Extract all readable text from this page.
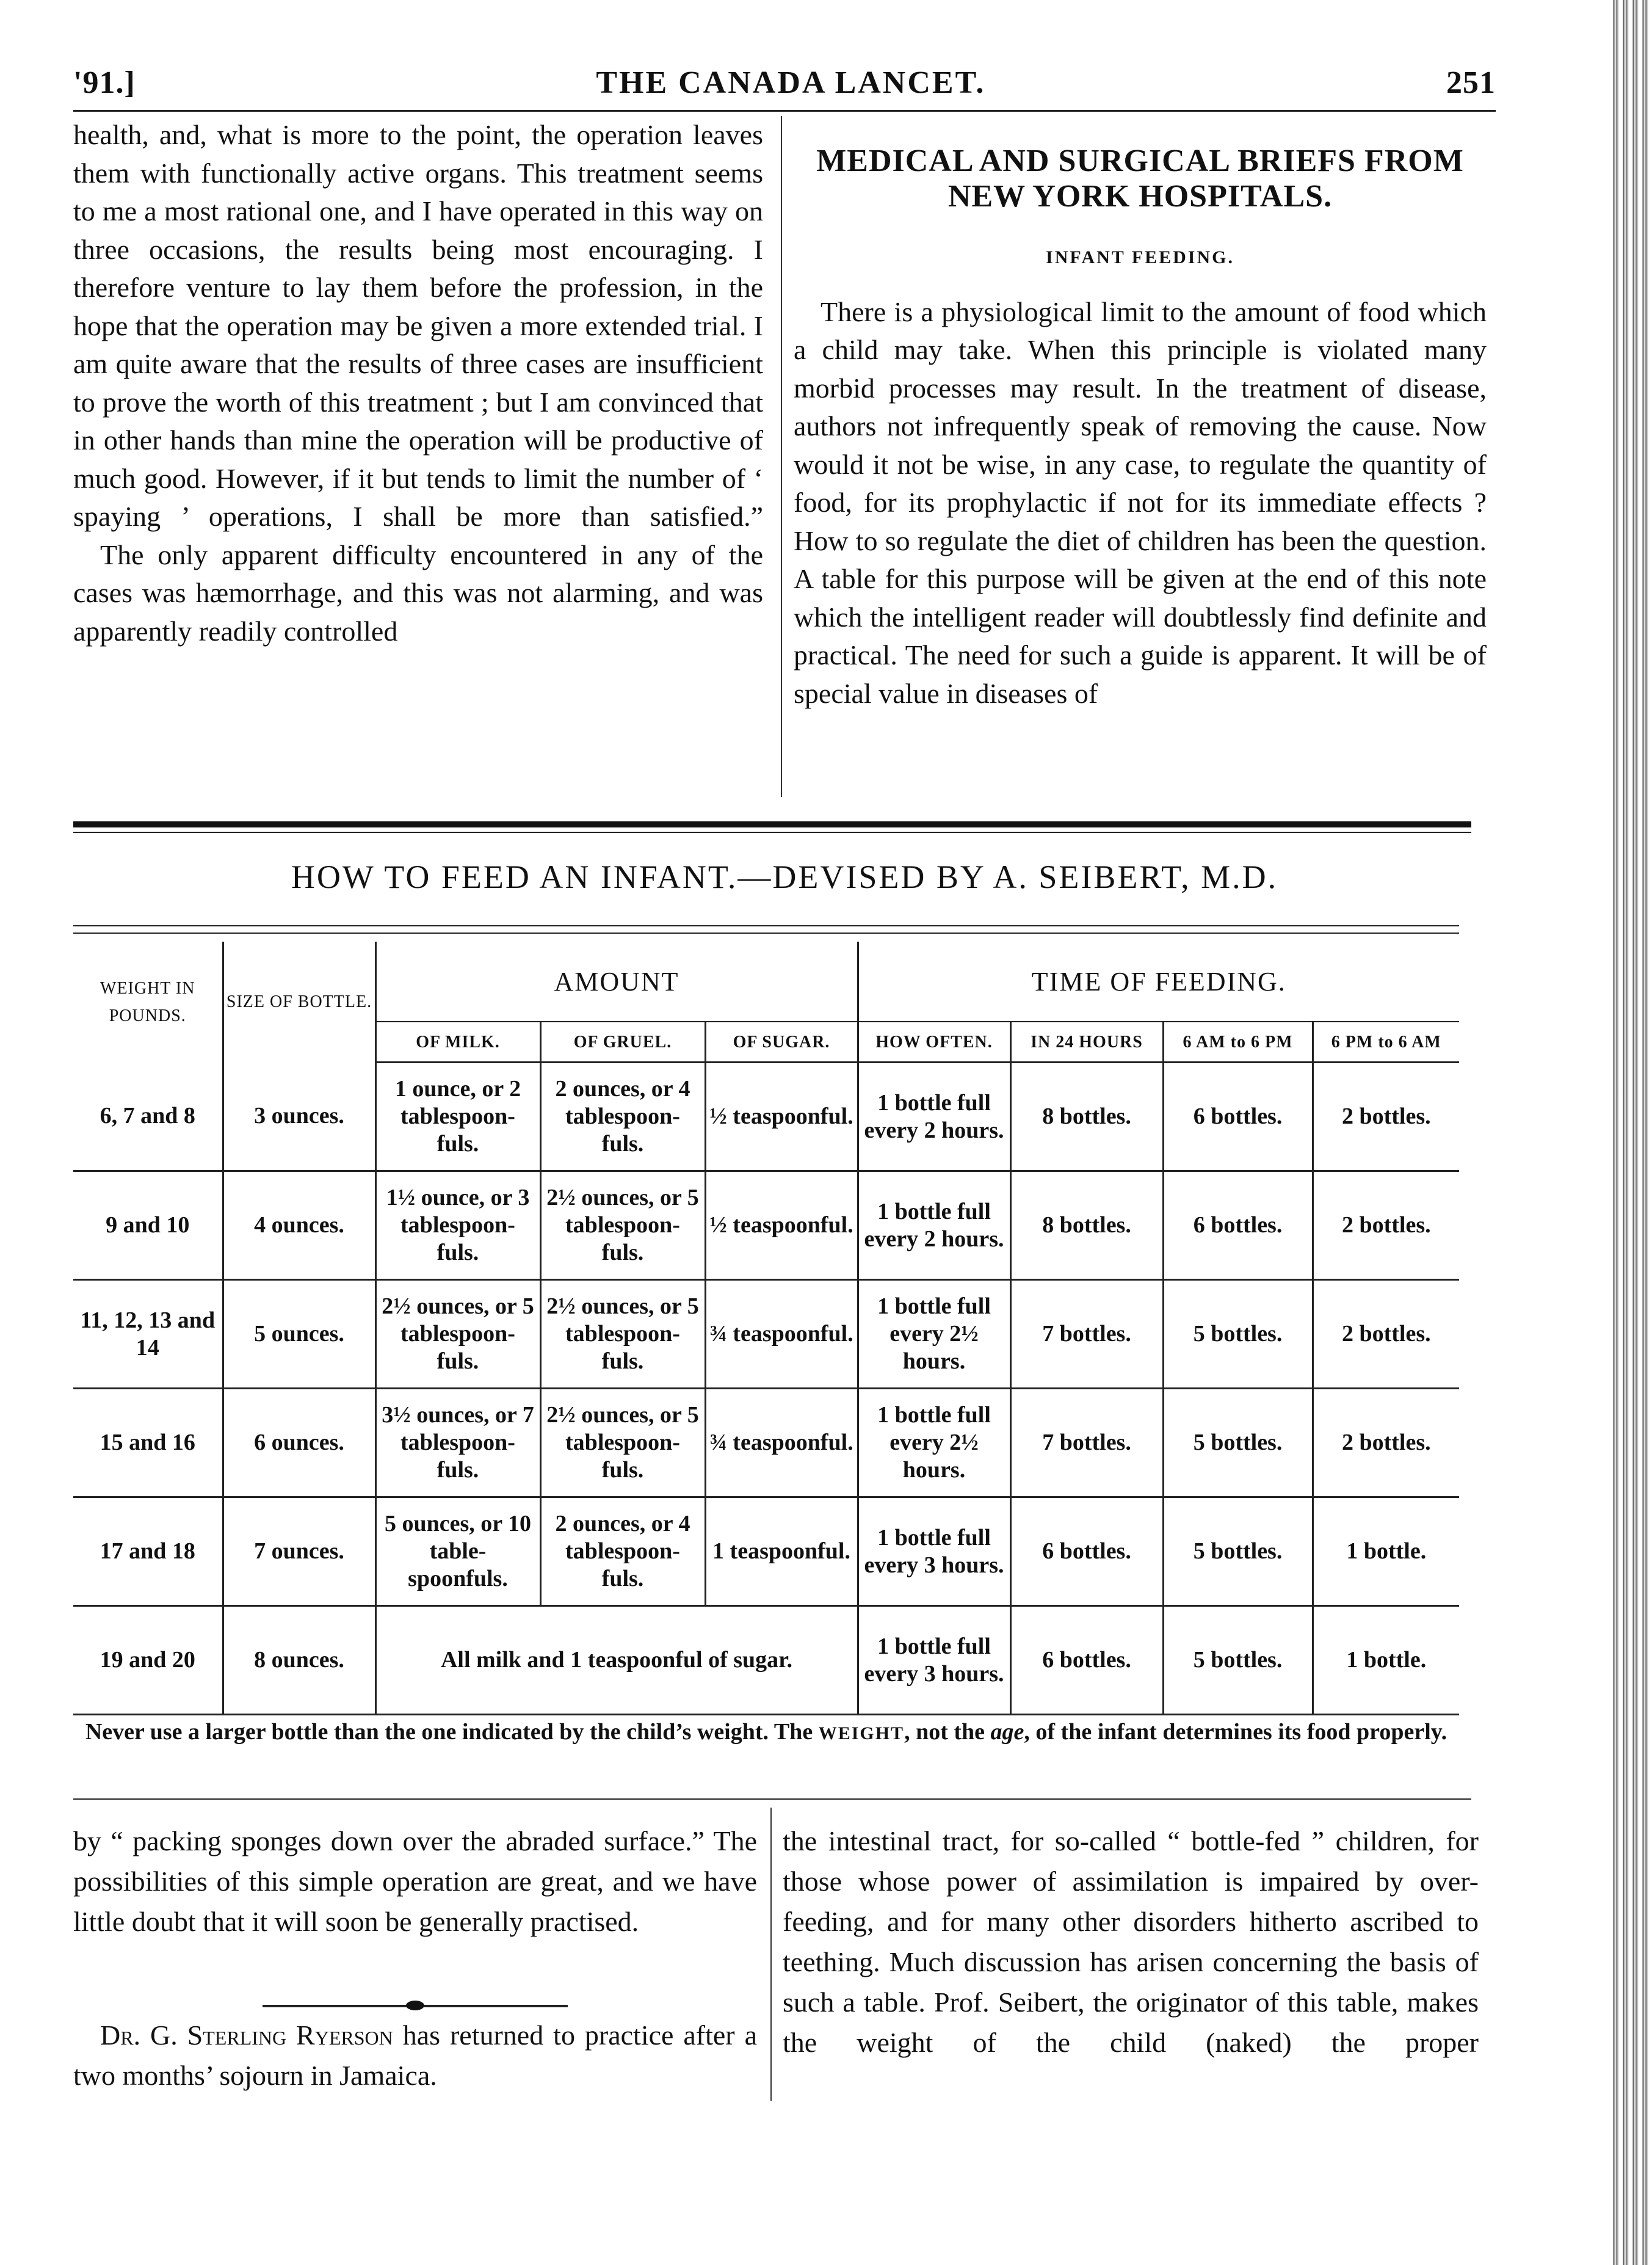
'91.]	THE CANADA LANCET.	251

health, and, what is more to the point, the operation leaves them with functionally active organs. This treatment seems to me a most rational one, and I have operated in this way on three occasions, the results being most encouraging. I therefore venture to lay them before the profession, in the hope that the operation may be given a more extended trial. I am quite aware that the results of three cases are insufficient to prove the worth of this treatment ; but I am convinced that in other hands than mine the operation will be productive of much good. However, if it but tends to limit the number of ‘ spaying ’ operations, I shall be more than satisfied.”

The only apparent difficulty encountered in any of the cases was hæmorrhage, and this was not alarming, and was apparently readily controlled

MEDICAL AND SURGICAL BRIEFS FROM NEW YORK HOSPITALS.
INFANT FEEDING.

There is a physiological limit to the amount of food which a child may take. When this principle is violated many morbid processes may result. In the treatment of disease, authors not infrequently speak of removing the cause. Now would it not be wise, in any case, to regulate the quantity of food, for its prophylactic if not for its immediate effects ? How to so regulate the diet of children has been the question. A table for this purpose will be given at the end of this note which the intelligent reader will doubtlessly find definite and practical. The need for such a guide is apparent. It will be of special value in diseases of

HOW TO FEED AN INFANT.—DEVISED BY A. SEIBERT, M.D.
WEIGHT IN POUNDS.	SIZE OF BOTTLE.	AMOUNT			TIME OF FEEDING.			
		OF MILK.	OF GRUEL.	OF SUGAR.	HOW OFTEN.	IN 24 HOURS	6 AM to 6 PM	6 PM to 6 AM
6, 7 and 8	3 ounces.	1 ounce, or 2 tablespoon- fuls.	2 ounces, or 4 tablespoon- fuls.	½ teaspoonful.	1 bottle full every 2 hours.	8 bottles.	6 bottles.	2 bottles.
9 and 10	4 ounces.	1½ ounce, or 3 tablespoon- fuls.	2½ ounces, or 5 tablespoon- fuls.	½ teaspoonful.	1 bottle full every 2 hours.	8 bottles.	6 bottles.	2 bottles.
11, 12, 13 and 14	5 ounces.	2½ ounces, or 5 tablespoon- fuls.	2½ ounces, or 5 tablespoon- fuls.	¾ teaspoonful.	1 bottle full every 2½ hours.	7 bottles.	5 bottles.	2 bottles.
15 and 16	6 ounces.	3½ ounces, or 7 tablespoon- fuls.	2½ ounces, or 5 tablespoon- fuls.	¾ teaspoonful.	1 bottle full every 2½ hours.	7 bottles.	5 bottles.	2 bottles.
17 and 18	7 ounces.	5 ounces, or 10 table- spoonfuls.	2 ounces, or 4 tablespoon- fuls.	1 teaspoonful.	1 bottle full every 3 hours.	6 bottles.	5 bottles.	1 bottle.
19 and 20	8 ounces.	All milk and 1 teaspoonful of sugar.			1 bottle full every 3 hours.	6 bottles.	5 bottles.	1 bottle.
Never use a larger bottle than the one indicated by the child’s weight. The WEIGHT, not the age, of the infant determines its food properly.

by “ packing sponges down over the abraded surface.” The possibilities of this simple operation are great, and we have little doubt that it will soon be generally practised.

Dr. G. Sterling Ryerson has returned to practice after a two months’ sojourn in Jamaica.

the intestinal tract, for so-called “ bottle-fed ” children, for those whose power of assimilation is impaired by over-feeding, and for many other disorders hitherto ascribed to teething. Much discussion has arisen concerning the basis of such a table. Prof. Seibert, the originator of this table, makes the weight of the child (naked) the proper
